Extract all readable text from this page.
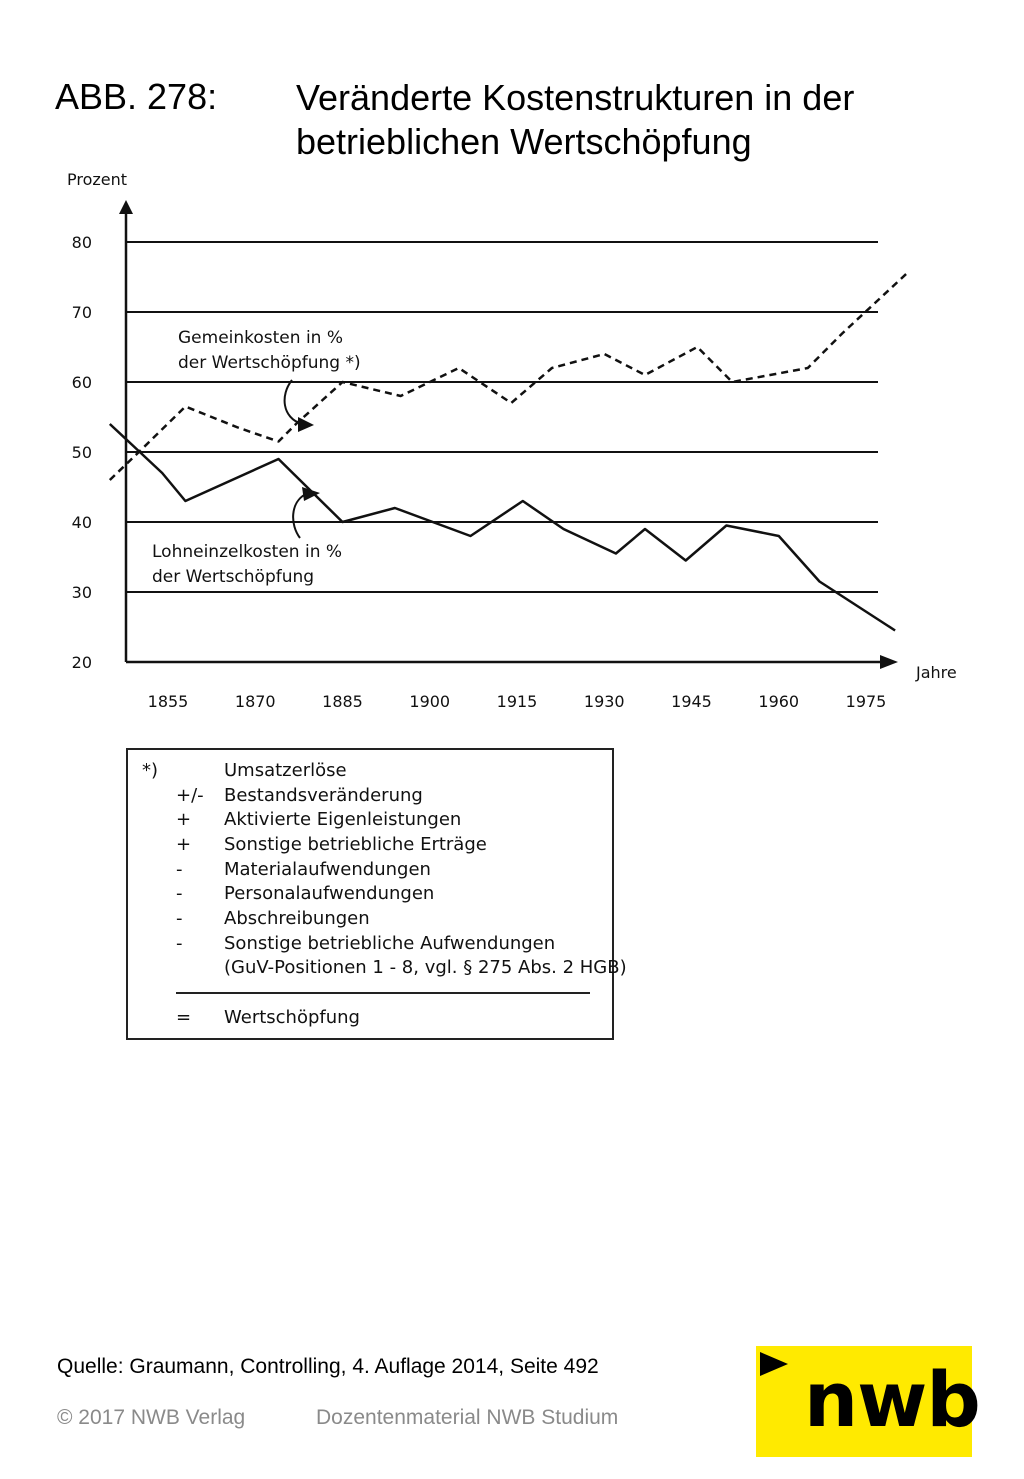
ABB. 278: Veränderte Kostenstrukturen in der
betrieblichen Wertschöpfung
80
70
60
50
40
30
20
1855	1870	1885	1900	1915	1930	1945	1960	1975
Prozent
Jahre
Gemeinkosten in %
der Wertschöpfung *)
Lohneinzelkosten in %
der Wertschöpfung
*)	Umsatzerlöse
+/- Bestandsveränderung
+ Aktivierte Eigenleistungen
+ Sonstige betriebliche Erträge
- Materialaufwendungen
- Personalaufwendungen
- Abschreibungen
- Sonstige betriebliche Aufwendungen
(GuV-Positionen 1 - 8, vgl. § 275 Abs. 2 HGB)
= Wertschöpfung
Quelle: Graumann, Controlling, 4. Auflage 2014, Seite 492
© 2017 NWB Verlag	Dozentenmaterial NWB Studium nwb
